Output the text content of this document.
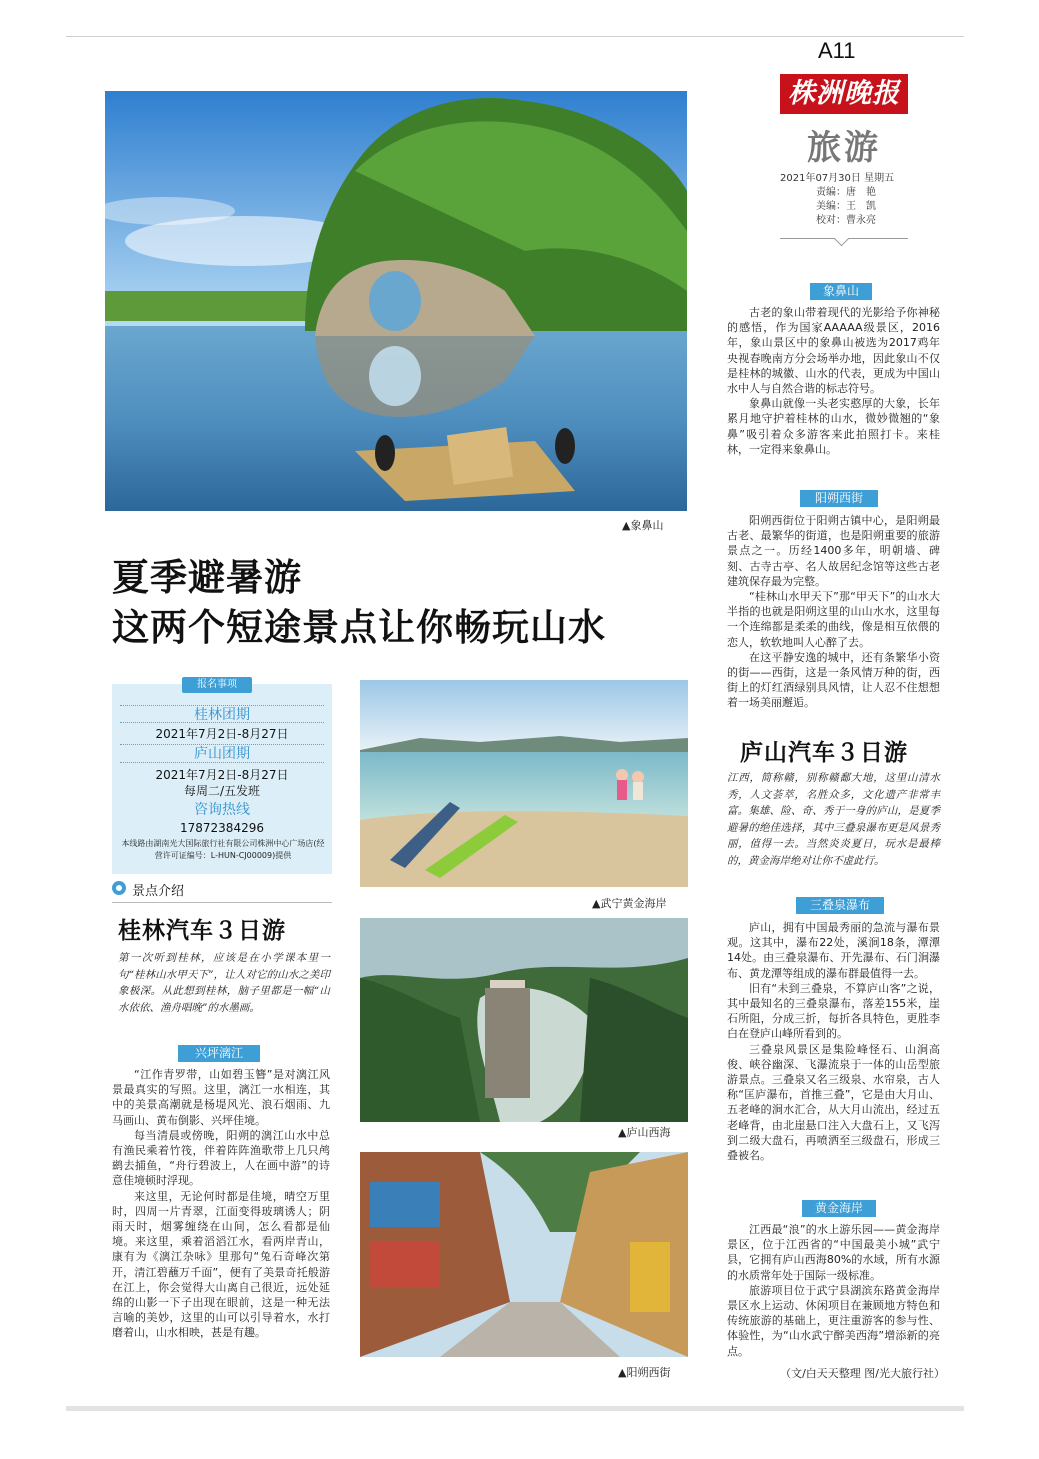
A11
株洲晚报
旅游
2021年07月30日 星期五
责编：唐　艳
美编：王　凯
校对：曹永亮
▲象鼻山
夏季避暑游
这两个短途景点让你畅玩山水
报名事项
桂林团期
2021年7月2日-8月27日
庐山团期
2021年7月2日-8月27日
每周二/五发班
咨询热线
17872384296
本线路由湖南光大国际旅行社有限公司株洲中心广场店(经营许可证编号：L-HUN-CJ00009)提供
景点介绍
桂林汽车３日游
第一次听到桂林，应该是在小学课本里一句“桂林山水甲天下”，让人对它的山水之美印象极深。从此想到桂林，脑子里都是一幅“山水依依、渔舟唱晚”的水墨画。
兴坪漓江

“江作青罗带，山如碧玉簪”是对漓江风景最真实的写照。这里，漓江一水相连，其中的美景高潮就是杨堤风光、浪石烟雨、九马画山、黄布倒影、兴坪佳境。

每当清晨或傍晚，阳朔的漓江山水中总有渔民乘着竹筏，伴着阵阵渔歌带上几只鸬鹚去捕鱼，“舟行碧波上，人在画中游”的诗意佳境顿时浮现。

来这里，无论何时都是佳境，晴空万里时，四周一片青翠，江面变得玻璃诱人；阴雨天时，烟雾缠绕在山间，怎么看都是仙境。来这里，乘着滔滔江水，看两岸青山，康有为《漓江杂咏》里那句“兔石奇峰次第开，清江碧蘸万千面”，便有了美景奇托般游在江上，你会觉得大山离自己很近，远处延绵的山影一下子出现在眼前，这是一种无法言喻的美妙，这里的山可以引导着水，水打磨着山，山水相映，甚是有趣。

▲武宁黄金海岸
▲庐山西海
▲阳朔西街
象鼻山

古老的象山带着现代的光影给予你神秘的感悟，作为国家AAAAA级景区，2016年，象山景区中的象鼻山被选为2017鸡年央视春晚南方分会场举办地，因此象山不仅是桂林的城徽、山水的代表，更成为中国山水中人与自然合谐的标志符号。

象鼻山就像一头老实憨厚的大象，长年累月地守护着桂林的山水，微妙微翘的“象鼻”吸引着众多游客来此拍照打卡。来桂林，一定得来象鼻山。

阳朔西街

阳朔西街位于阳朔古镇中心，是阳朔最古老、最繁华的街道，也是阳朔重要的旅游景点之一。历经1400多年，明朝墙、碑刻、古寺古亭、名人故居纪念馆等这些古老建筑保存最为完整。

“桂林山水甲天下”那“甲天下”的山水大半指的也就是阳朔这里的山山水水，这里每一个连绵都是柔柔的曲线，像是相互依偎的恋人，软软地叫人心醉了去。

在这平静安逸的城中，还有条繁华小资的街——西街，这是一条风情万种的街，西街上的灯红酒绿别具风情，让人忍不住想想着一场美丽邂逅。

庐山汽车３日游
江西，简称赣，别称赣鄱大地，这里山清水秀，人文荟萃，名胜众多，文化遗产非常丰富。集雄、险、奇、秀于一身的庐山，是夏季避暑的绝佳选择，其中三叠泉瀑布更是风景秀丽，值得一去。当然炎炎夏日，玩水是最棒的，黄金海岸绝对让你不虚此行。
三叠泉瀑布

庐山，拥有中国最秀丽的急流与瀑布景观。这其中，瀑布22处，溪涧18条，潭潭14处。由三叠泉瀑布、开先瀑布、石门涧瀑布、黄龙潭等组成的瀑布群最值得一去。

旧有“未到三叠泉，不算庐山客”之说，其中最知名的三叠泉瀑布，落差155米，崖石所阻，分成三折，每折各具特色，更胜李白在登庐山峰所看到的。

三叠泉风景区是集险峰怪石、山涧高俊、峡谷幽深、飞瀑流泉于一体的山岳型旅游景点。三叠泉又名三级泉、水帘泉，古人称“匡庐瀑布，首推三叠”，它是由大月山、五老峰的涧水汇合，从大月山流出，经过五老峰背，由北崖悬口注入大盘石上，又飞泻到二级大盘石，再喷洒至三级盘石，形成三叠被名。

黄金海岸

江西最“浪”的水上游乐园——黄金海岸景区，位于江西省的“中国最美小城”武宁县，它拥有庐山西海80%的水域，所有水源的水质常年处于国际一级标准。

旅游项目位于武宁县湖滨东路黄金海岸景区水上运动、休闲项目在兼顾地方特色和传统旅游的基础上，更注重游客的参与性、体验性，为“山水武宁醉美西海”增添新的亮点。

（文/白天天整理 图/光大旅行社）
